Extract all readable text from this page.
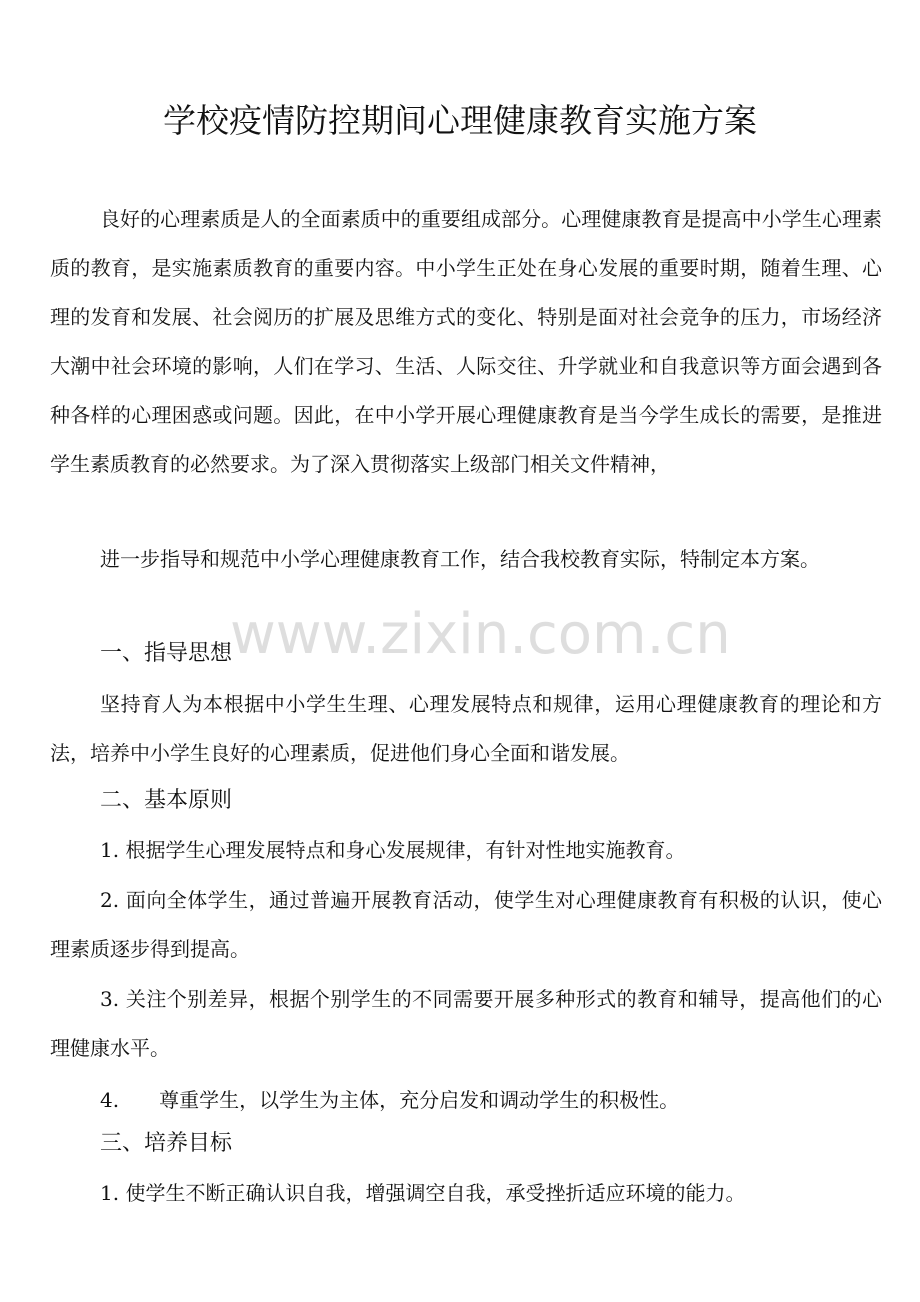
学校疫情防控期间心理健康教育实施方案

良好的心理素质是人的全面素质中的重要组成部分。心理健康教育是提高中小学生心理素质的教育，是实施素质教育的重要内容。中小学生正处在身心发展的重要时期，随着生理、心理的发育和发展、社会阅历的扩展及思维方式的变化、特别是面对社会竞争的压力，市场经济大潮中社会环境的影响，人们在学习、生活、人际交往、升学就业和自我意识等方面会遇到各种各样的心理困惑或问题。因此，在中小学开展心理健康教育是当今学生成长的需要，是推进学生素质教育的必然要求。为了深入贯彻落实上级部门相关文件精神，

进一步指导和规范中小学心理健康教育工作，结合我校教育实际，特制定本方案。

www.zixin.com.cn
一、指导思想

坚持育人为本根据中小学生生理、心理发展特点和规律，运用心理健康教育的理论和方法，培养中小学生良好的心理素质，促进他们身心全面和谐发展。

二、基本原则
1. 根据学生心理发展特点和身心发展规律，有针对性地实施教育。

2. 面向全体学生，通过普遍开展教育活动，使学生对心理健康教育有积极的认识，使心理素质逐步得到提高。

3. 关注个别差异，根据个别学生的不同需要开展多种形式的教育和辅导，提高他们的心理健康水平。

4. 尊重学生，以学生为主体，充分启发和调动学生的积极性。
三、培养目标
1. 使学生不断正确认识自我，增强调空自我，承受挫折适应环境的能力。
